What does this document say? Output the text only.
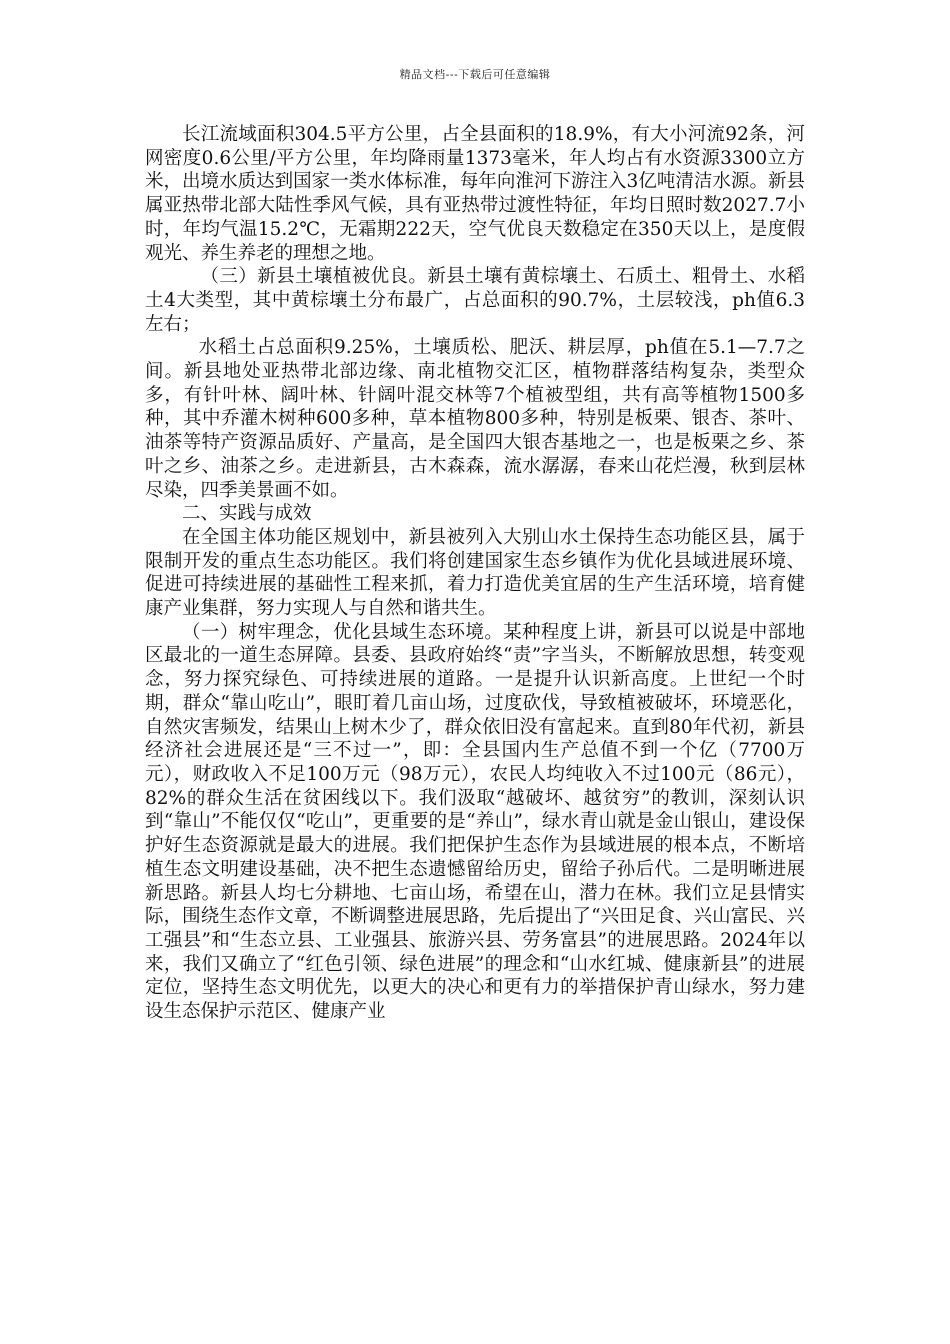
精品文档---下载后可任意编辑

长江流域面积304.5平方公里，占全县面积的18.9%，有大小河流92条，河网密度0.6公里/平方公里，年均降雨量1373毫米，年人均占有水资源3300立方米，出境水质达到国家一类水体标准，每年向淮河下游注入3亿吨清洁水源。新县属亚热带北部大陆性季风气候，具有亚热带过渡性特征，年均日照时数2027.7小时，年均气温15.2℃，无霜期222天，空气优良天数稳定在350天以上，是度假观光、养生养老的理想之地。

（三）新县土壤植被优良。新县土壤有黄棕壤土、石质土、粗骨土、水稻土4大类型，其中黄棕壤土分布最广，占总面积的90.7%，土层较浅，ph值6.3左右；

水稻土占总面积9.25%，土壤质松、肥沃、耕层厚，ph值在5.1—7.7之间。新县地处亚热带北部边缘、南北植物交汇区，植物群落结构复杂，类型众多，有针叶林、阔叶林、针阔叶混交林等7个植被型组，共有高等植物1500多种，其中乔灌木树种600多种，草本植物800多种，特别是板栗、银杏、茶叶、油茶等特产资源品质好、产量高，是全国四大银杏基地之一，也是板栗之乡、茶叶之乡、油茶之乡。走进新县，古木森森，流水潺潺，春来山花烂漫，秋到层林尽染，四季美景画不如。

二、实践与成效

在全国主体功能区规划中，新县被列入大别山水土保持生态功能区县，属于限制开发的重点生态功能区。我们将创建国家生态乡镇作为优化县域进展环境、促进可持续进展的基础性工程来抓，着力打造优美宜居的生产生活环境，培育健康产业集群，努力实现人与自然和谐共生。

（一）树牢理念，优化县域生态环境。某种程度上讲，新县可以说是中部地区最北的一道生态屏障。县委、县政府始终“责”字当头，不断解放思想，转变观念，努力探究绿色、可持续进展的道路。一是提升认识新高度。上世纪一个时期，群众“靠山吃山”，眼盯着几亩山场，过度砍伐，导致植被破坏，环境恶化，自然灾害频发，结果山上树木少了，群众依旧没有富起来。直到80年代初，新县经济社会进展还是“三不过一”，即：全县国内生产总值不到一个亿（7700万元），财政收入不足100万元（98万元），农民人均纯收入不过100元（86元），82%的群众生活在贫困线以下。我们汲取“越破坏、越贫穷”的教训，深刻认识到“靠山”不能仅仅“吃山”，更重要的是“养山”，绿水青山就是金山银山，建设保护好生态资源就是最大的进展。我们把保护生态作为县域进展的根本点，不断培植生态文明建设基础，决不把生态遗憾留给历史，留给子孙后代。二是明晰进展新思路。新县人均七分耕地、七亩山场，希望在山，潜力在林。我们立足县情实际，围绕生态作文章，不断调整进展思路，先后提出了“兴田足食、兴山富民、兴工强县”和“生态立县、工业强县、旅游兴县、劳务富县”的进展思路。2024年以来，我们又确立了“红色引领、绿色进展”的理念和“山水红城、健康新县”的进展定位，坚持生态文明优先，以更大的决心和更有力的举措保护青山绿水，努力建设生态保护示范区、健康产业
